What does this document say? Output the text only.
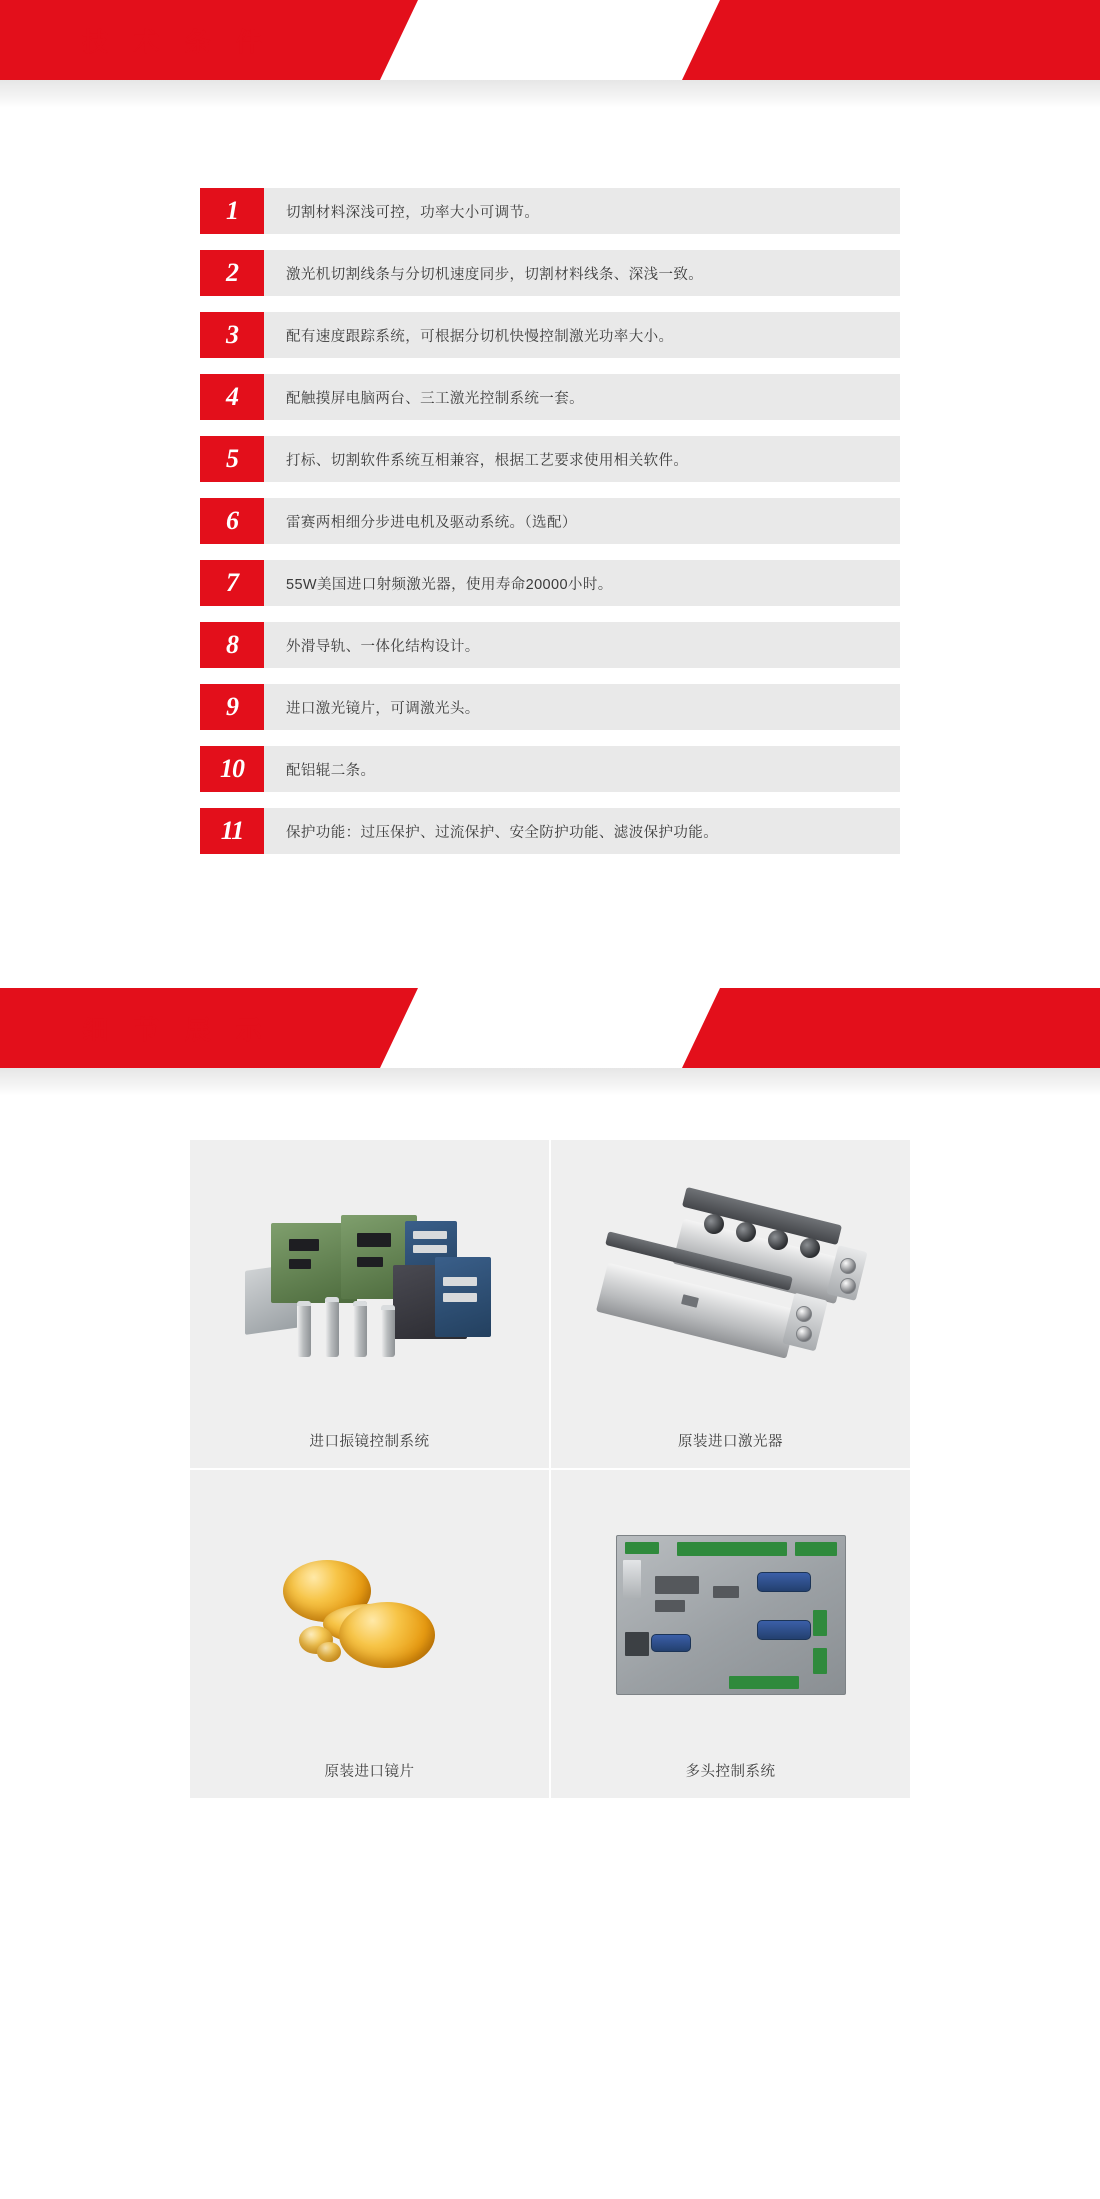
技 术 条 件
1	切割材料深浅可控，功率大小可调节。
2	激光机切割线条与分切机速度同步，切割材料线条、深浅一致。
3	配有速度跟踪系统，可根据分切机快慢控制激光功率大小。
4	配触摸屏电脑两台、三工激光控制系统一套。
5	打标、切割软件系统互相兼容，根据工艺要求使用相关软件。
6	雷赛两相细分步进电机及驱动系统。（选配）
7	55W美国进口射频激光器，使用寿命20000小时。
8	外滑导轨、一体化结构设计。
9	进口激光镜片，可调激光头。
10	配铝辊二条。
11	保护功能：过压保护、过流保护、安全防护功能、滤波保护功能。
细 节 展 示
进口振镜控制系统	原装进口激光器
原装进口镜片	多头控制系统
